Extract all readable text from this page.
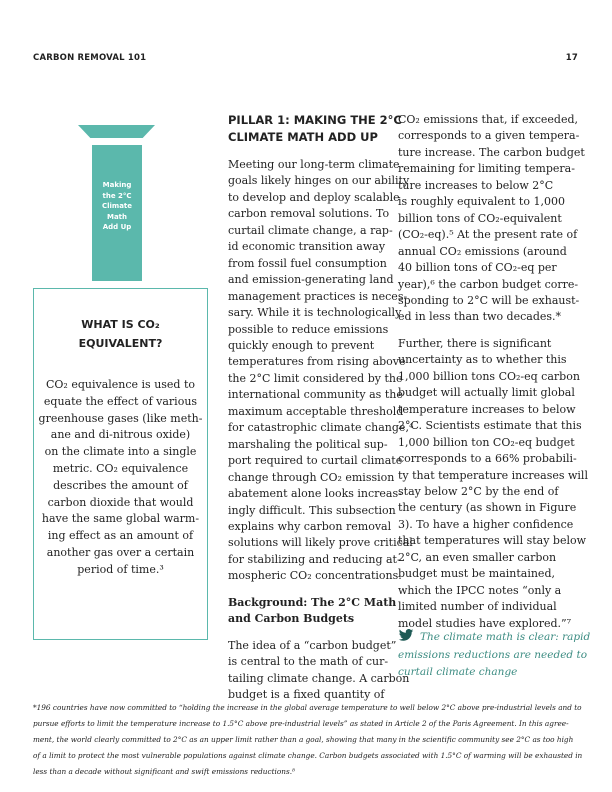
CARBON REMOVAL 101	17
Making
the 2°C
Climate
Math
Add Up
WHAT IS CO₂
EQUIVALENT?
CO₂ equivalence is used to
equate the effect of various
greenhouse gases (like meth-
ane and di-nitrous oxide)
on the climate into a single
metric. CO₂ equivalence
describes the amount of
carbon dioxide that would
have the same global warm-
ing effect as an amount of
another gas over a certain
period of time.³
PILLAR 1: MAKING THE 2°C
CLIMATE MATH ADD UP
Meeting our long-term climate
goals likely hinges on our ability
to develop and deploy scalable
carbon removal solutions. To
curtail climate change, a rap-
id economic transition away
from fossil fuel consumption
and emission-generating land
management practices is neces-
sary. While it is technologically
possible to reduce emissions
quickly enough to prevent
temperatures from rising above
the 2°C limit considered by the
international community as the
maximum acceptable threshold
for catastrophic climate change,⁴
marshaling the political sup-
port required to curtail climate
change through CO₂ emission
abatement alone looks increas-
ingly difficult. This subsection
explains why carbon removal
solutions will likely prove critical
for stabilizing and reducing at-
mospheric CO₂ concentrations.
Background: The 2°C Math
and Carbon Budgets
The idea of a “carbon budget”
is central to the math of cur-
tailing climate change. A carbon
budget is a fixed quantity of
CO₂ emissions that, if exceeded,
corresponds to a given tempera-
ture increase. The carbon budget
remaining for limiting tempera-
ture increases to below 2°C
is roughly equivalent to 1,000
billion tons of CO₂-equivalent
(CO₂-eq).⁵ At the present rate of
annual CO₂ emissions (around
40 billion tons of CO₂-eq per
year),⁶ the carbon budget corre-
sponding to 2°C will be exhaust-
ed in less than two decades.*
Further, there is significant
uncertainty as to whether this
1,000 billion tons CO₂-eq carbon
budget will actually limit global
temperature increases to below
2°C. Scientists estimate that this
1,000 billion ton CO₂-eq budget
corresponds to a 66% probabili-
ty that temperature increases will
stay below 2°C by the end of
the century (as shown in Figure
3). To have a higher confidence
that temperatures will stay below
2°C, an even smaller carbon
budget must be maintained,
which the IPCC notes “only a
limited number of individual
model studies have explored.”⁷
The climate math is clear: rapid
emissions reductions are needed to
curtail climate change
*196 countries have now committed to “holding the increase in the global average temperature to well below 2°C above pre-industrial levels and to
pursue efforts to limit the temperature increase to 1.5°C above pre-industrial levels” as stated in Article 2 of the Paris Agreement. In this agree-
ment, the world clearly committed to 2°C as an upper limit rather than a goal, showing that many in the scientific community see 2°C as too high
of a limit to protect the most vulnerable populations against climate change. Carbon budgets associated with 1.5°C of warming will be exhausted in
less than a decade without significant and swift emissions reductions.⁸
